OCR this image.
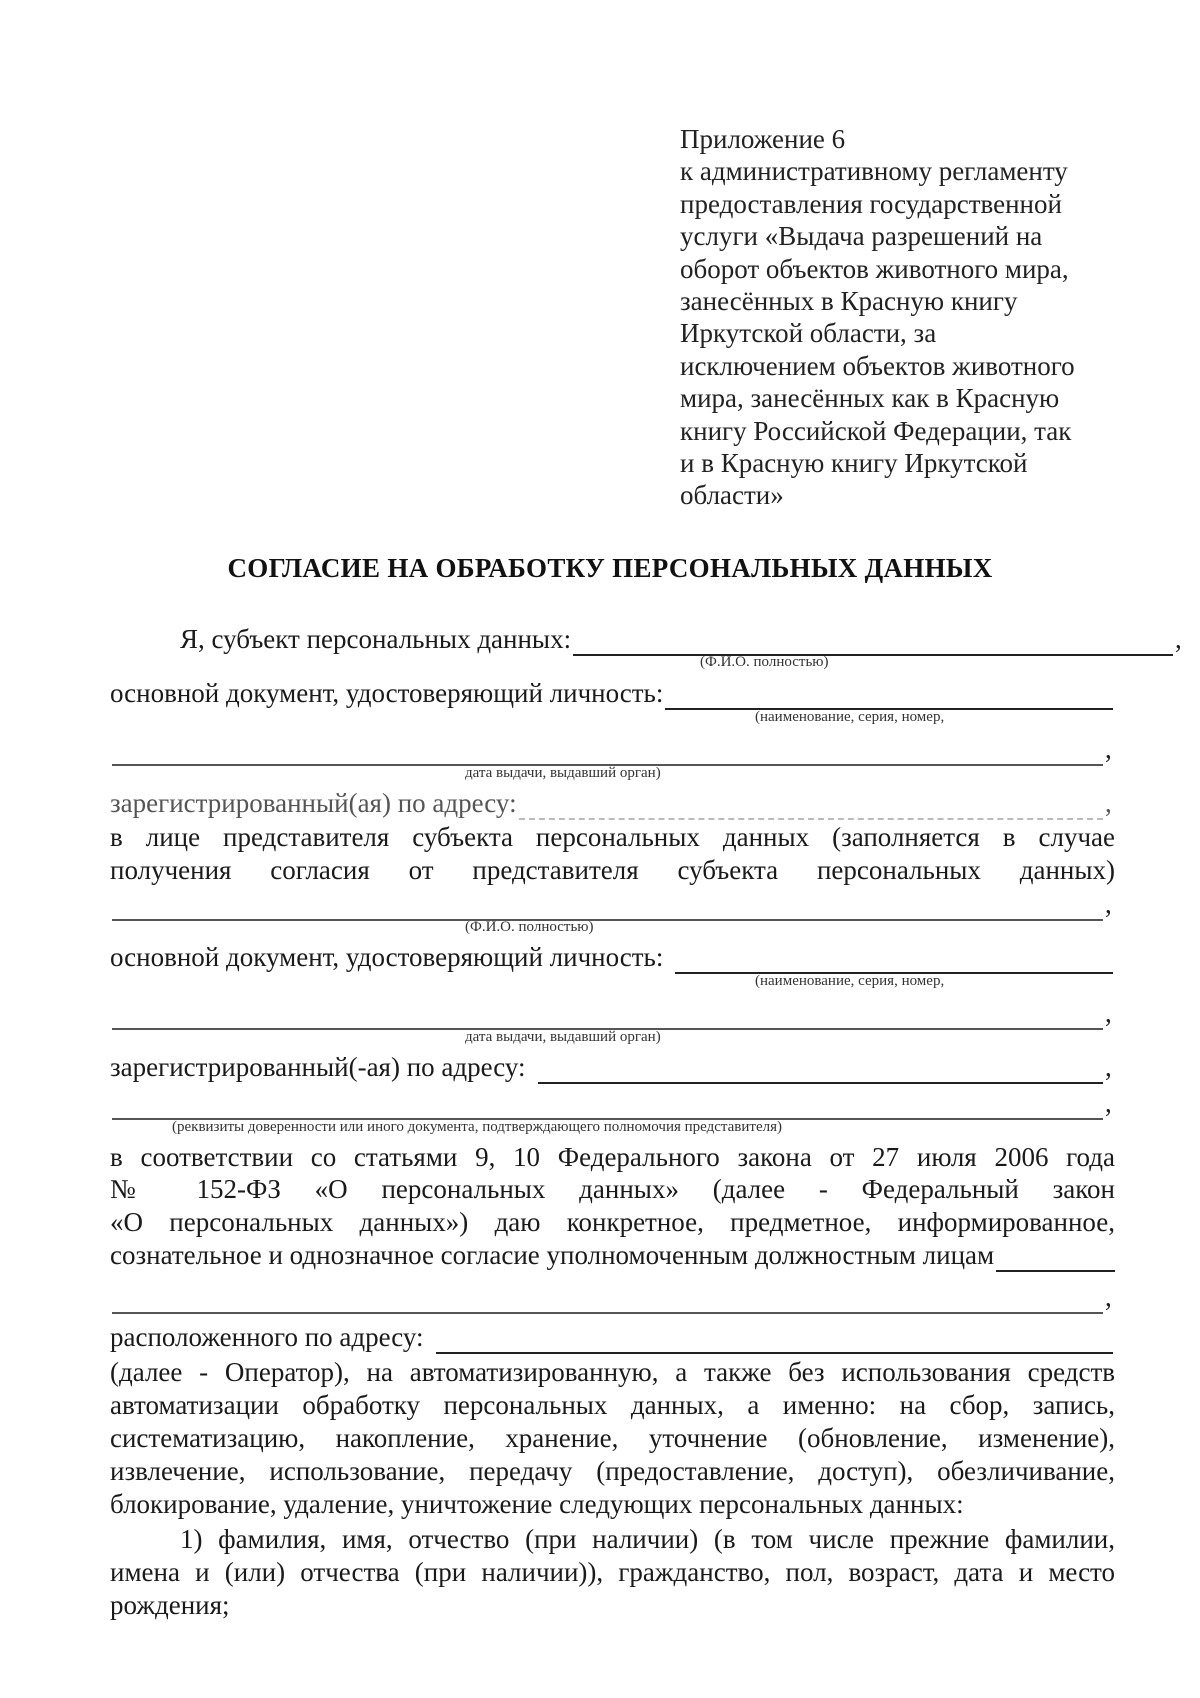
Приложение 6
к административному регламенту
предоставления государственной
услуги «Выдача разрешений на
оборот объектов животного мира,
занесённых в Красную книгу
Иркутской области, за
исключением объектов животного
мира, занесённых как в Красную
книгу Российской Федерации, так
и в Красную книгу Иркутской
области»
СОГЛАСИЕ НА ОБРАБОТКУ ПЕРСОНАЛЬНЫХ ДАННЫХ
Я, субъект персональных данных:	,
(Ф.И.О. полностью)
основной документ, удостоверяющий личность:
(наименование, серия, номер,
,
дата выдачи, выдавший орган)
зарегистрированный(ая) по адресу:	,
в лице представителя субъекта персональных данных (заполняется в случае
получения согласия от представителя субъекта персональных данных)
,
(Ф.И.О. полностью)
основной документ, удостоверяющий личность:
(наименование, серия, номер,
,
дата выдачи, выдавший орган)
зарегистрированный(-ая) по адресу:	,
,
(реквизиты доверенности или иного документа, подтверждающего полномочия представителя)
в соответствии со статьями 9, 10 Федерального закона от 27 июля 2006 года
№ 152-ФЗ «О персональных данных» (далее - Федеральный закон
«О персональных данных») даю конкретное, предметное, информированное,
сознательное и однозначное согласие уполномоченным должностным лицам
,
расположенного по адресу:
(далее - Оператор), на автоматизированную, а также без использования средств
автоматизации обработку персональных данных, а именно: на сбор, запись,
систематизацию, накопление, хранение, уточнение (обновление, изменение),
извлечение, использование, передачу (предоставление, доступ), обезличивание,
блокирование, удаление, уничтожение следующих персональных данных:
1) фамилия, имя, отчество (при наличии) (в том числе прежние фамилии,
имена и (или) отчества (при наличии)), гражданство, пол, возраст, дата и место
рождения;
